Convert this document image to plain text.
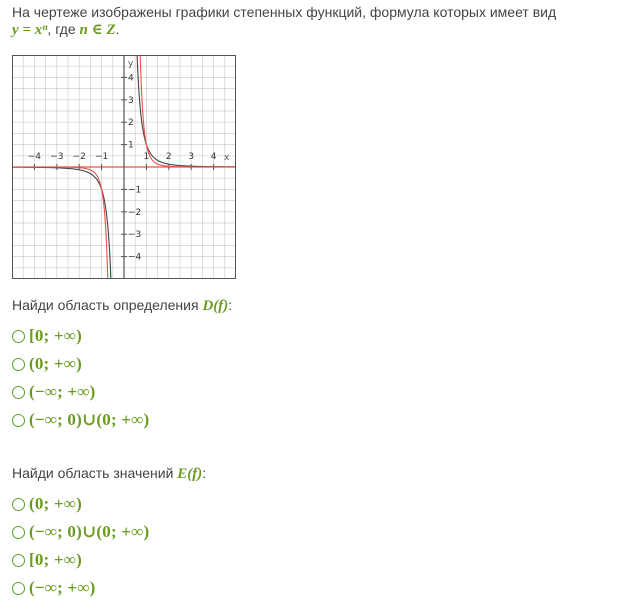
На чертеже изображены графики степенных функций, формула которых имеет вид
y = xⁿ, где n ∈ Z.
−4 −3 −2 −1	1 2 3 4
4
3
2
1
−1
−2
−3
−4
x
y
Найди область определения D(f):
[0; +∞)
(0; +∞)
(−∞; +∞)
(−∞; 0)∪(0; +∞)
Найди область значений E(f):
(0; +∞)
(−∞; 0)∪(0; +∞)
[0; +∞)
(−∞; +∞)
